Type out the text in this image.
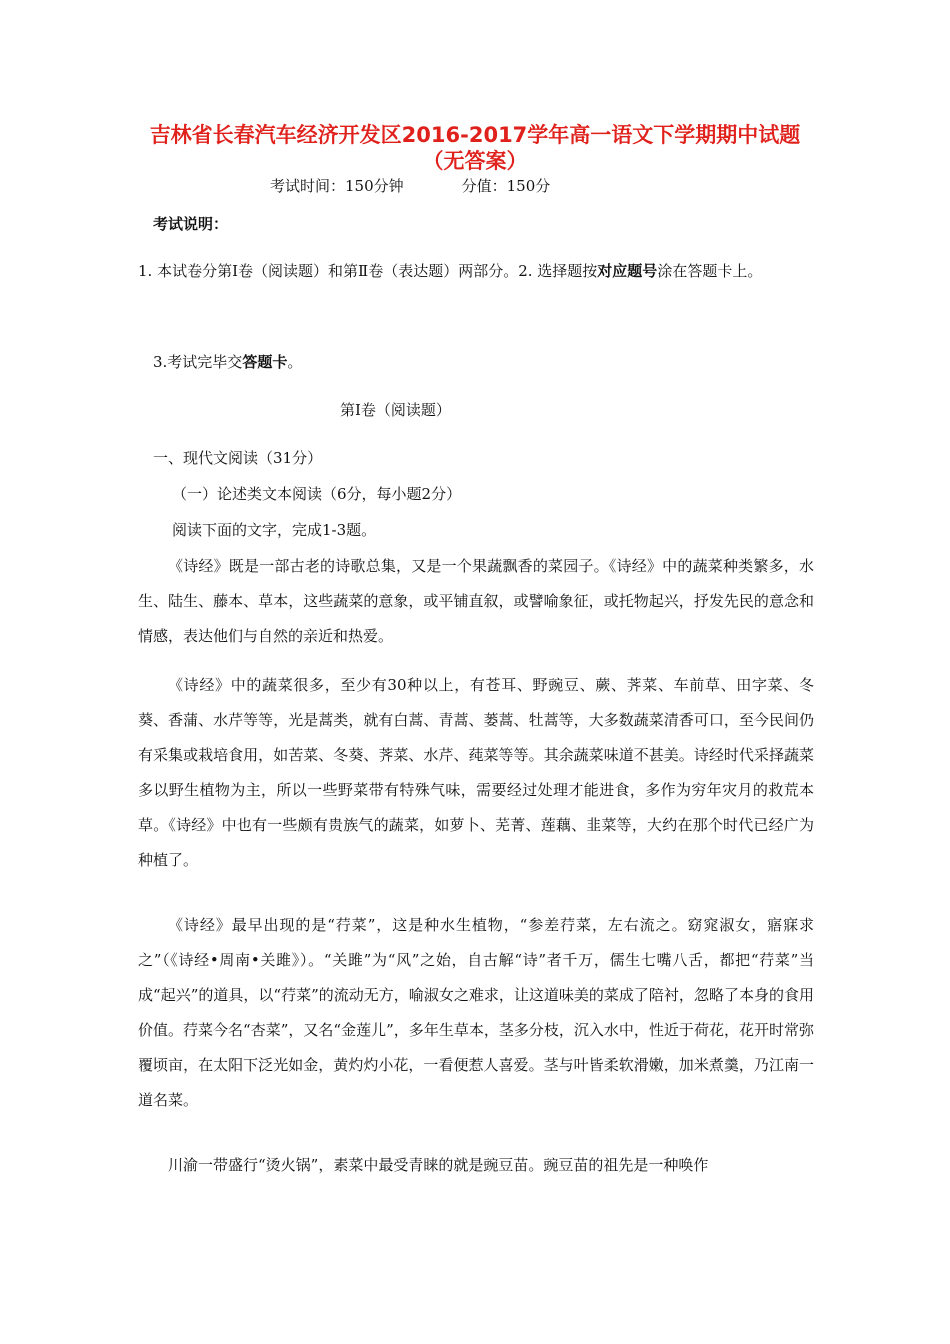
吉林省长春汽车经济开发区2016-2017学年高一语文下学期期中试题
（无答案）
考试时间：150分钟	分值：150分
考试说明：
1. 本试卷分第Ⅰ卷（阅读题）和第Ⅱ卷（表达题）两部分。2. 选择题按对应题号涂在答题卡上。
3.考试完毕交答题卡。
第Ⅰ卷（阅读题）
一、现代文阅读（31分）
（一）论述类文本阅读（6分，每小题2分）
阅读下面的文字，完成1-3题。
《诗经》既是一部古老的诗歌总集，又是一个果蔬飘香的菜园子。《诗经》中的蔬菜种类繁多，水生、陆生、藤本、草本，这些蔬菜的意象，或平铺直叙，或譬喻象征，或托物起兴，抒发先民的意念和情感，表达他们与自然的亲近和热爱。
《诗经》中的蔬菜很多，至少有30种以上，有苍耳、野豌豆、蕨、荠菜、车前草、田字菜、冬葵、香蒲、水芹等等，光是蒿类，就有白蒿、青蒿、蒌蒿、牡蒿等，大多数蔬菜清香可口，至今民间仍有采集或栽培食用，如苦菜、冬葵、荠菜、水芹、莼菜等等。其余蔬菜味道不甚美。诗经时代采择蔬菜多以野生植物为主，所以一些野菜带有特殊气味，需要经过处理才能进食，多作为穷年灾月的救荒本草。《诗经》中也有一些颇有贵族气的蔬菜，如萝卜、芜菁、莲藕、韭菜等，大约在那个时代已经广为种植了。
《诗经》最早出现的是“荇菜”，这是种水生植物，“参差荇菜，左右流之。窈窕淑女，寤寐求之”（《诗经•周南•关雎》）。“关雎”为“风”之始，自古解“诗”者千万，儒生七嘴八舌，都把“荇菜”当成“起兴”的道具，以“荇菜”的流动无方，喻淑女之难求，让这道味美的菜成了陪衬，忽略了本身的食用价值。荇菜今名“杏菜”，又名“金莲儿”，多年生草本，茎多分枝，沉入水中，性近于荷花，花开时常弥覆顷亩，在太阳下泛光如金，黄灼灼小花，一看便惹人喜爱。茎与叶皆柔软滑嫩，加米煮羹，乃江南一道名菜。
川渝一带盛行“烫火锅”，素菜中最受青睐的就是豌豆苗。豌豆苗的祖先是一种唤作
